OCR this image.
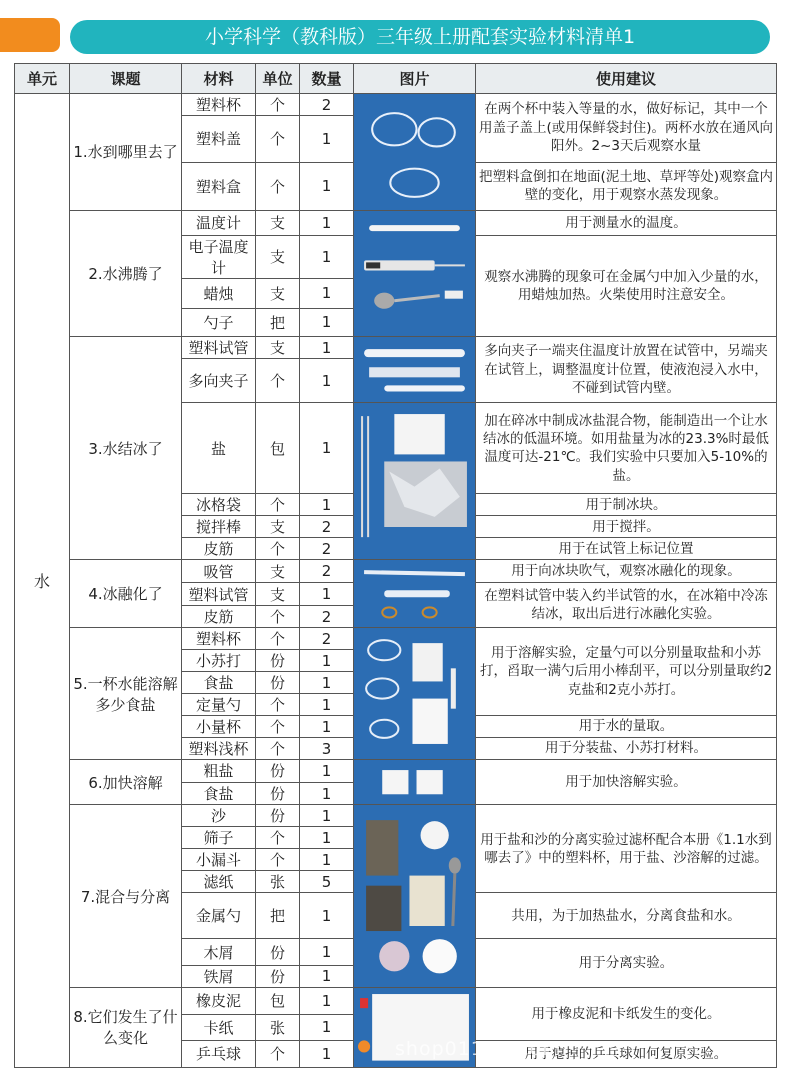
小学科学（教科版）三年级上册配套实验材料清单1
单元	课题	材料	单位	数量	图片	使用建议
水	1.水到哪里去了	塑料杯	个	2		在两个杯中装入等量的水，做好标记，其中一个用盖子盖上(或用保鲜袋封住)。两杯水放在通风向阳外。2~3天后观察水量
		塑料盖	个	1		
		塑料盒	个	1		把塑料盒倒扣在地面(泥土地、草坪等处)观察盒内壁的变化，用于观察水蒸发现象。
	2.水沸腾了	温度计	支	1		用于测量水的温度。
		电子温度计	支	1		观察水沸腾的现象可在金属勺中加入少量的水，用蜡烛加热。火柴使用时注意安全。
		蜡烛	支	1		
		勺子	把	1		
	3.水结冰了	塑料试管	支	1		多向夹子一端夹住温度计放置在试管中，另端夹在试管上，调整温度计位置，使液泡浸入水中，不碰到试管内壁。
		多向夹子	个	1		
		盐	包	1		加在碎冰中制成冰盐混合物，能制造出一个让水结冰的低温环境。如用盐量为冰的23.3%时最低温度可达-21℃。我们实验中只要加入5-10%的盐。
		冰格袋	个	1		用于制冰块。
		搅拌棒	支	2		用于搅拌。
		皮筋	个	2		用于在试管上标记位置
	4.冰融化了	吸管	支	2		用于向冰块吹气，观察冰融化的现象。
		塑料试管	支	1		在塑料试管中装入约半试管的水，在冰箱中冷冻结冰，取出后进行冰融化实验。
		皮筋	个	2		
	5.一杯水能溶解多少食盐	塑料杯	个	2		用于溶解实验，定量勺可以分别量取盐和小苏打，舀取一满勺后用小棒刮平，可以分别量取约2克盐和2克小苏打。
		小苏打	份	1		
		食盐	份	1		
		定量勺	个	1		
		小量杯	个	1		用于水的量取。
		塑料浅杯	个	3		用于分装盐、小苏打材料。
	6.加快溶解	粗盐	份	1		用于加快溶解实验。
		食盐	份	1		
	7.混合与分离	沙	份	1		用于盐和沙的分离实验过滤杯配合本册《1.1水到哪去了》中的塑料杯，用于盐、沙溶解的过滤。
		筛子	个	1		
		小漏斗	个	1		
		滤纸	张	5		
		金属勺	把	1		共用，为于加热盐水，分离食盐和水。
		木屑	份	1		用于分离实验。
		铁屑	份	1		
	8.它们发生了什么变化	橡皮泥	包	1		用于橡皮泥和卡纸发生的变化。
		卡纸	张	1		
		乒乓球	个	1		用于瘪掉的乒乓球如何复原实验。
shop0117...com
